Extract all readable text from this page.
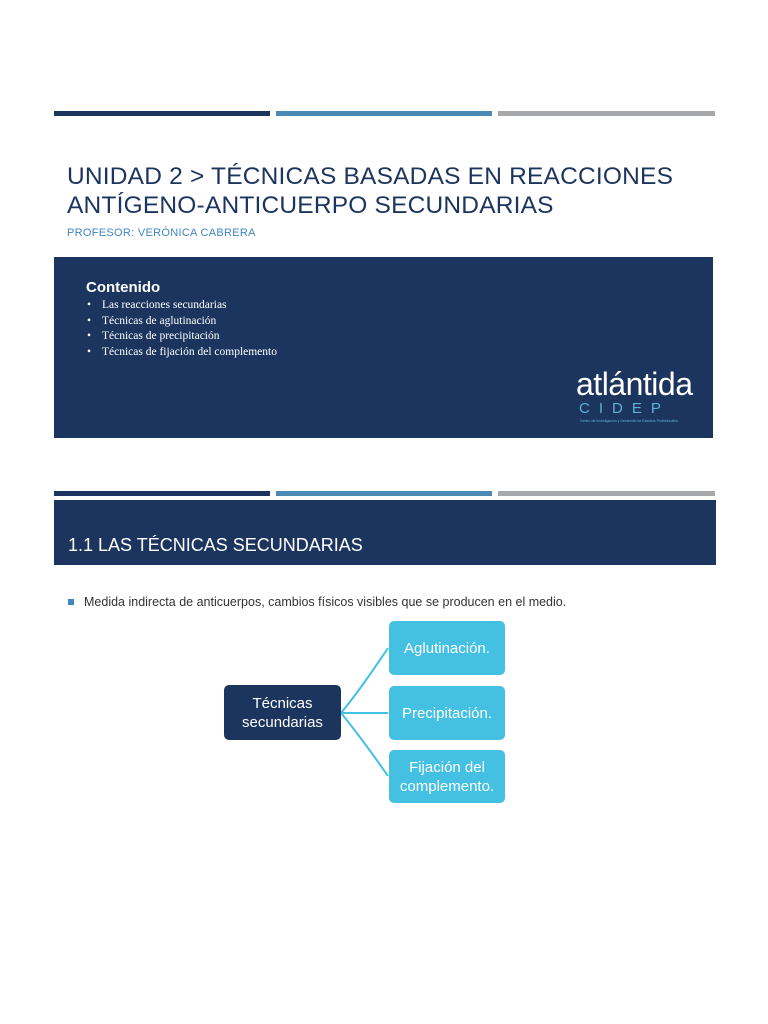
UNIDAD 2 > TÉCNICAS BASADAS EN REACCIONES
ANTÍGENO-ANTICUERPO SECUNDARIAS
PROFESOR: VERÓNICA CABRERA
Contenido
• Las reacciones secundarias
• Técnicas de aglutinación
• Técnicas de precipitación
• Técnicas de fijación del complemento
atlántida
CIDEP
Centro de Investigación y Desarrollo de Estudios Profesionales
1.1 LAS TÉCNICAS SECUNDARIAS
Medida indirecta de anticuerpos, cambios físicos visibles que se producen en el medio.
Técnicas
secundarias
Aglutinación.
Precipitación.
Fijación del
complemento.
